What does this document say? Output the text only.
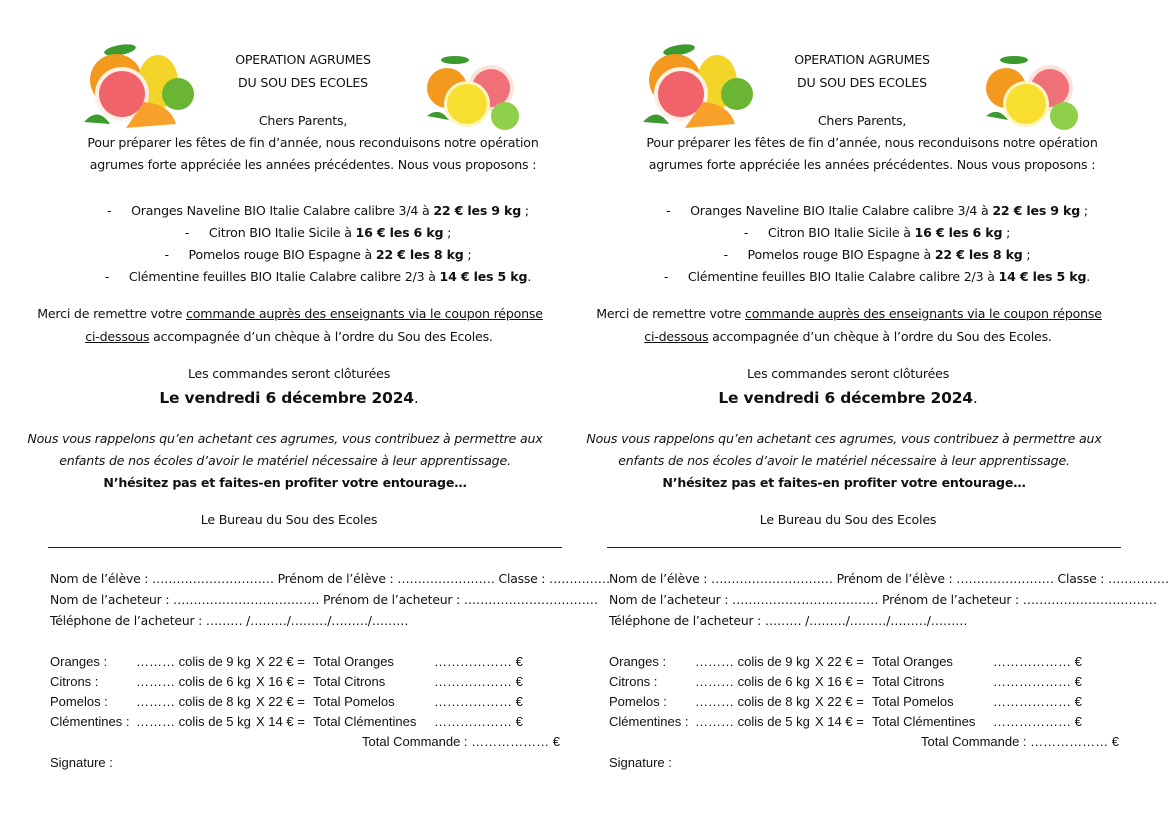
OPERATION AGRUMES
DU SOU DES ECOLES
Chers Parents,
Pour préparer les fêtes de fin d’année, nous reconduisons notre opération
agrumes forte appréciée les années précédentes. Nous vous proposons :
- Oranges Naveline BIO Italie Calabre calibre 3/4 à 22 € les 9 kg ;
- Citron BIO Italie Sicile à 16 € les 6 kg ;
- Pomelos rouge BIO Espagne à 22 € les 8 kg ;
- Clémentine feuilles BIO Italie Calabre calibre 2/3 à 14 € les 5 kg.
Merci de remettre votre commande auprès des enseignants via le coupon réponse
ci-dessous accompagnée d’un chèque à l’ordre du Sou des Ecoles.
Les commandes seront clôturées
Le vendredi 6 décembre 2024.
Nous vous rappelons qu’en achetant ces agrumes, vous contribuez à permettre aux
enfants de nos écoles d’avoir le matériel nécessaire à leur apprentissage.
N’hésitez pas et faites-en profiter votre entourage…
Le Bureau du Sou des Ecoles
Nom de l’élève : ………………………… Prénom de l’élève : …………………… Classe : ……………
Nom de l’acheteur : ……………………………… Prénom de l’acheteur : ……………………………
Téléphone de l’acheteur : ……… /………/………/………/………
Oranges : ……… colis de 9 kg X 22 € = Total Oranges	……………… €
Citrons :	……… colis de 6 kg X 16 € = Total Citrons	……………… €
Pomelos : ……… colis de 8 kg X 22 € = Total Pomelos	……………… €
Clémentines : ……… colis de 5 kg X 14 € = Total Clémentines ……………… €
Total Commande : ……………… €
Signature :
OPERATION AGRUMES
DU SOU DES ECOLES
Chers Parents,
Pour préparer les fêtes de fin d’année, nous reconduisons notre opération
agrumes forte appréciée les années précédentes. Nous vous proposons :
- Oranges Naveline BIO Italie Calabre calibre 3/4 à 22 € les 9 kg ;
- Citron BIO Italie Sicile à 16 € les 6 kg ;
- Pomelos rouge BIO Espagne à 22 € les 8 kg ;
- Clémentine feuilles BIO Italie Calabre calibre 2/3 à 14 € les 5 kg.
Merci de remettre votre commande auprès des enseignants via le coupon réponse
ci-dessous accompagnée d’un chèque à l’ordre du Sou des Ecoles.
Les commandes seront clôturées
Le vendredi 6 décembre 2024.
Nous vous rappelons qu’en achetant ces agrumes, vous contribuez à permettre aux
enfants de nos écoles d’avoir le matériel nécessaire à leur apprentissage.
N’hésitez pas et faites-en profiter votre entourage…
Le Bureau du Sou des Ecoles
Nom de l’élève : ………………………… Prénom de l’élève : …………………… Classe : ……………
Nom de l’acheteur : ……………………………… Prénom de l’acheteur : ……………………………
Téléphone de l’acheteur : ……… /………/………/………/………
Oranges : ……… colis de 9 kg X 22 € = Total Oranges	……………… €
Citrons :	……… colis de 6 kg X 16 € = Total Citrons	……………… €
Pomelos : ……… colis de 8 kg X 22 € = Total Pomelos	……………… €
Clémentines : ……… colis de 5 kg X 14 € = Total Clémentines ……………… €
Total Commande : ……………… €
Signature :
